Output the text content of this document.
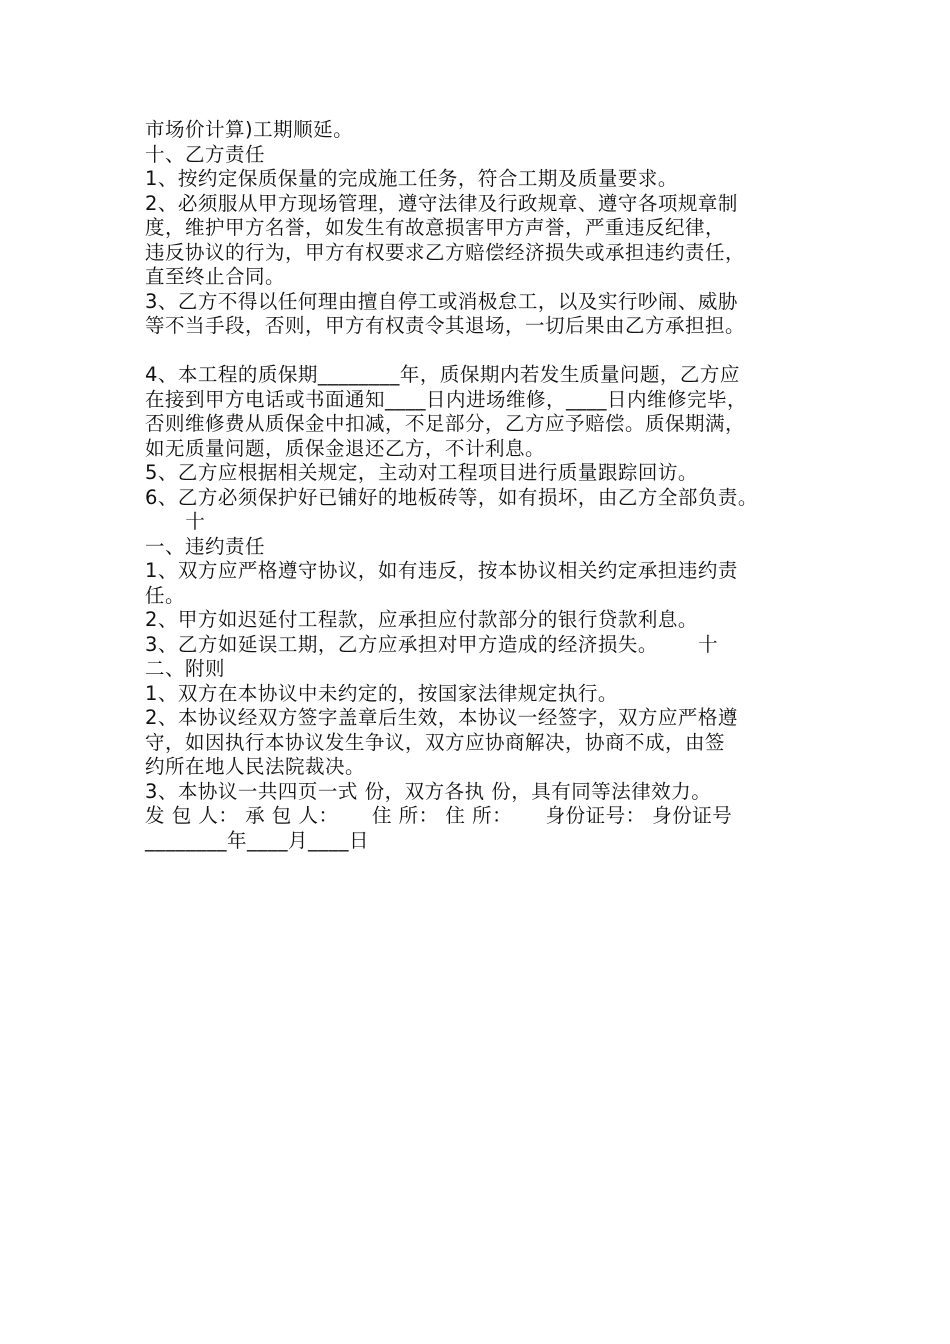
市场价计算)工期顺延。

十、乙方责任

1、按约定保质保量的完成施工任务，符合工期及质量要求。

2、必须服从甲方现场管理，遵守法律及行政规章、遵守各项规章制

度，维护甲方名誉，如发生有故意损害甲方声誉，严重违反纪律，

违反协议的行为，甲方有权要求乙方赔偿经济损失或承担违约责任，

直至终止合同。

3、乙方不得以任何理由擅自停工或消极怠工，以及实行吵闹、威胁

等不当手段，否则，甲方有权责令其退场，一切后果由乙方承担担。

4、本工程的质保期________年，质保期内若发生质量问题，乙方应

在接到甲方电话或书面通知____日内进场维修，____日内维修完毕，

否则维修费从质保金中扣减，不足部分，乙方应予赔偿。质保期满，

如无质量问题，质保金退还乙方，不计利息。

5、乙方应根据相关规定，主动对工程项目进行质量跟踪回访。

6、乙方必须保护好已铺好的地板砖等，如有损坏，由乙方全部负责。

十

一、违约责任

1、双方应严格遵守协议，如有违反，按本协议相关约定承担违约责

任。

2、甲方如迟延付工程款，应承担应付款部分的银行贷款利息。

3、乙方如延误工期，乙方应承担对甲方造成的经济损失。      十

二、附则

1、双方在本协议中未约定的，按国家法律规定执行。

2、本协议经双方签字盖章后生效，本协议一经签字，双方应严格遵

守，如因执行本协议发生争议，双方应协商解决，协商不成，由签

约所在地人民法院裁决。

3、本协议一共四页一式 份，双方各执 份，具有同等法律效力。

发 包 人： 承 包 人：     住 所： 住 所：     身份证号： 身份证号

________年____月____日
